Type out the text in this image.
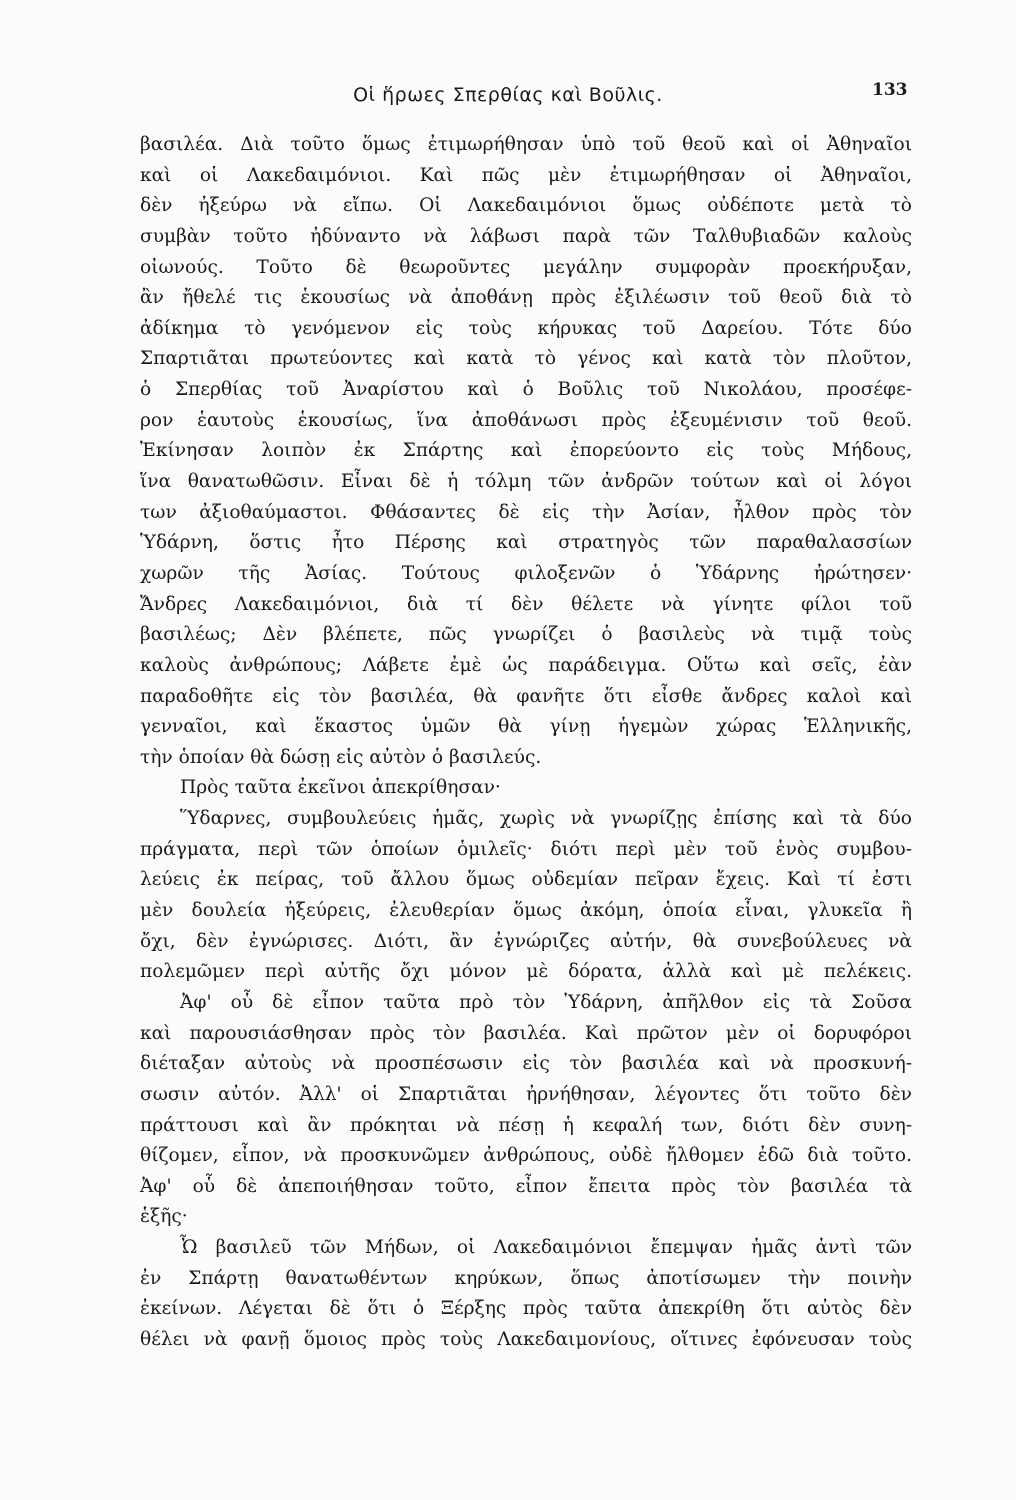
Οἱ ἥρωες Σπερθίας καὶ Βοῦλις.	133
βασιλέα. Διὰ τοῦτο ὅμως ἐτιμωρήθησαν ὑπὸ τοῦ θεοῦ καὶ οἱ Ἀθηναῖοι
καὶ οἱ Λακεδαιμόνιοι. Καὶ πῶς μὲν ἐτιμωρήθησαν οἱ Ἀθηναῖοι,
δὲν ἠξεύρω νὰ εἴπω. Οἱ Λακεδαιμόνιοι ὅμως οὐδέποτε μετὰ τὸ
συμβὰν τοῦτο ἠδύναντο νὰ λάβωσι παρὰ τῶν Ταλθυβιαδῶν καλοὺς
οἰωνούς. Τοῦτο δὲ θεωροῦντες μεγάλην συμφορὰν προεκήρυξαν,
ἂν ἤθελέ τις ἑκουσίως νὰ ἀποθάνῃ πρὸς ἐξιλέωσιν τοῦ θεοῦ διὰ τὸ
ἀδίκημα τὸ γενόμενον εἰς τοὺς κήρυκας τοῦ Δαρείου. Τότε δύο
Σπαρτιᾶται πρωτεύοντες καὶ κατὰ τὸ γένος καὶ κατὰ τὸν πλοῦτον,
ὁ Σπερθίας τοῦ Ἀναρίστου καὶ ὁ Βοῦλις τοῦ Νικολάου, προσέφε-
ρον ἑαυτοὺς ἑκουσίως, ἵνα ἀποθάνωσι πρὸς ἐξευμένισιν τοῦ θεοῦ.
Ἐκίνησαν λοιπὸν ἐκ Σπάρτης καὶ ἐπορεύοντο εἰς τοὺς Μήδους,
ἵνα θανατωθῶσιν. Εἶναι δὲ ἡ τόλμη τῶν ἀνδρῶν τούτων καὶ οἱ λόγοι
των ἀξιοθαύμαστοι. Φθάσαντες δὲ εἰς τὴν Ἀσίαν, ἦλθον πρὸς τὸν
Ὑδάρνη, ὅστις ἦτο Πέρσης καὶ στρατηγὸς τῶν παραθαλασσίων
χωρῶν τῆς Ἀσίας. Τούτους φιλοξενῶν ὁ Ὑδάρνης ἠρώτησεν·
Ἄνδρες Λακεδαιμόνιοι, διὰ τί δὲν θέλετε νὰ γίνητε φίλοι τοῦ
βασιλέως; Δὲν βλέπετε, πῶς γνωρίζει ὁ βασιλεὺς νὰ τιμᾷ τοὺς
καλοὺς ἀνθρώπους; Λάβετε ἐμὲ ὡς παράδειγμα. Οὕτω καὶ σεῖς, ἐὰν
παραδοθῆτε εἰς τὸν βασιλέα, θὰ φανῆτε ὅτι εἶσθε ἄνδρες καλοὶ καὶ
γενναῖοι, καὶ ἕκαστος ὑμῶν θὰ γίνῃ ἡγεμὼν χώρας Ἑλληνικῆς,
τὴν ὁποίαν θὰ δώσῃ εἰς αὐτὸν ὁ βασιλεύς.
Πρὸς ταῦτα ἐκεῖνοι ἀπεκρίθησαν·
Ὕδαρνες, συμβουλεύεις ἡμᾶς, χωρὶς νὰ γνωρίζῃς ἐπίσης καὶ τὰ δύο
πράγματα, περὶ τῶν ὁποίων ὁμιλεῖς· διότι περὶ μὲν τοῦ ἑνὸς συμβου-
λεύεις ἐκ πείρας, τοῦ ἄλλου ὅμως οὐδεμίαν πεῖραν ἔχεις. Καὶ τί ἐστι
μὲν δουλεία ἠξεύρεις, ἐλευθερίαν ὅμως ἀκόμη, ὁποία εἶναι, γλυκεῖα ἢ
ὄχι, δὲν ἐγνώρισες. Διότι, ἂν ἐγνώριζες αὐτήν, θὰ συνεβούλευες νὰ
πολεμῶμεν περὶ αὐτῆς ὄχι μόνον μὲ δόρατα, ἀλλὰ καὶ μὲ πελέκεις.
Ἀφ' οὗ δὲ εἶπον ταῦτα πρὸ τὸν Ὑδάρνη, ἀπῆλθον εἰς τὰ Σοῦσα
καὶ παρουσιάσθησαν πρὸς τὸν βασιλέα. Καὶ πρῶτον μὲν οἱ δορυφόροι
διέταξαν αὐτοὺς νὰ προσπέσωσιν εἰς τὸν βασιλέα καὶ νὰ προσκυνή-
σωσιν αὐτόν. Ἀλλ' οἱ Σπαρτιᾶται ἠρνήθησαν, λέγοντες ὅτι τοῦτο δὲν
πράττουσι καὶ ἂν πρόκηται νὰ πέσῃ ἡ κεφαλή των, διότι δὲν συνη-
θίζομεν, εἶπον, νὰ προσκυνῶμεν ἀνθρώπους, οὐδὲ ἤλθομεν ἐδῶ διὰ τοῦτο.
Ἀφ' οὗ δὲ ἀπεποιήθησαν τοῦτο, εἶπον ἔπειτα πρὸς τὸν βασιλέα τὰ
ἑξῆς·
Ὦ βασιλεῦ τῶν Μήδων, οἱ Λακεδαιμόνιοι ἔπεμψαν ἡμᾶς ἀντὶ τῶν
ἐν Σπάρτῃ θανατωθέντων κηρύκων, ὅπως ἀποτίσωμεν τὴν ποινὴν
ἐκείνων. Λέγεται δὲ ὅτι ὁ Ξέρξης πρὸς ταῦτα ἀπεκρίθη ὅτι αὐτὸς δὲν
θέλει νὰ φανῇ ὅμοιος πρὸς τοὺς Λακεδαιμονίους, οἵτινες ἐφόνευσαν τοὺς
